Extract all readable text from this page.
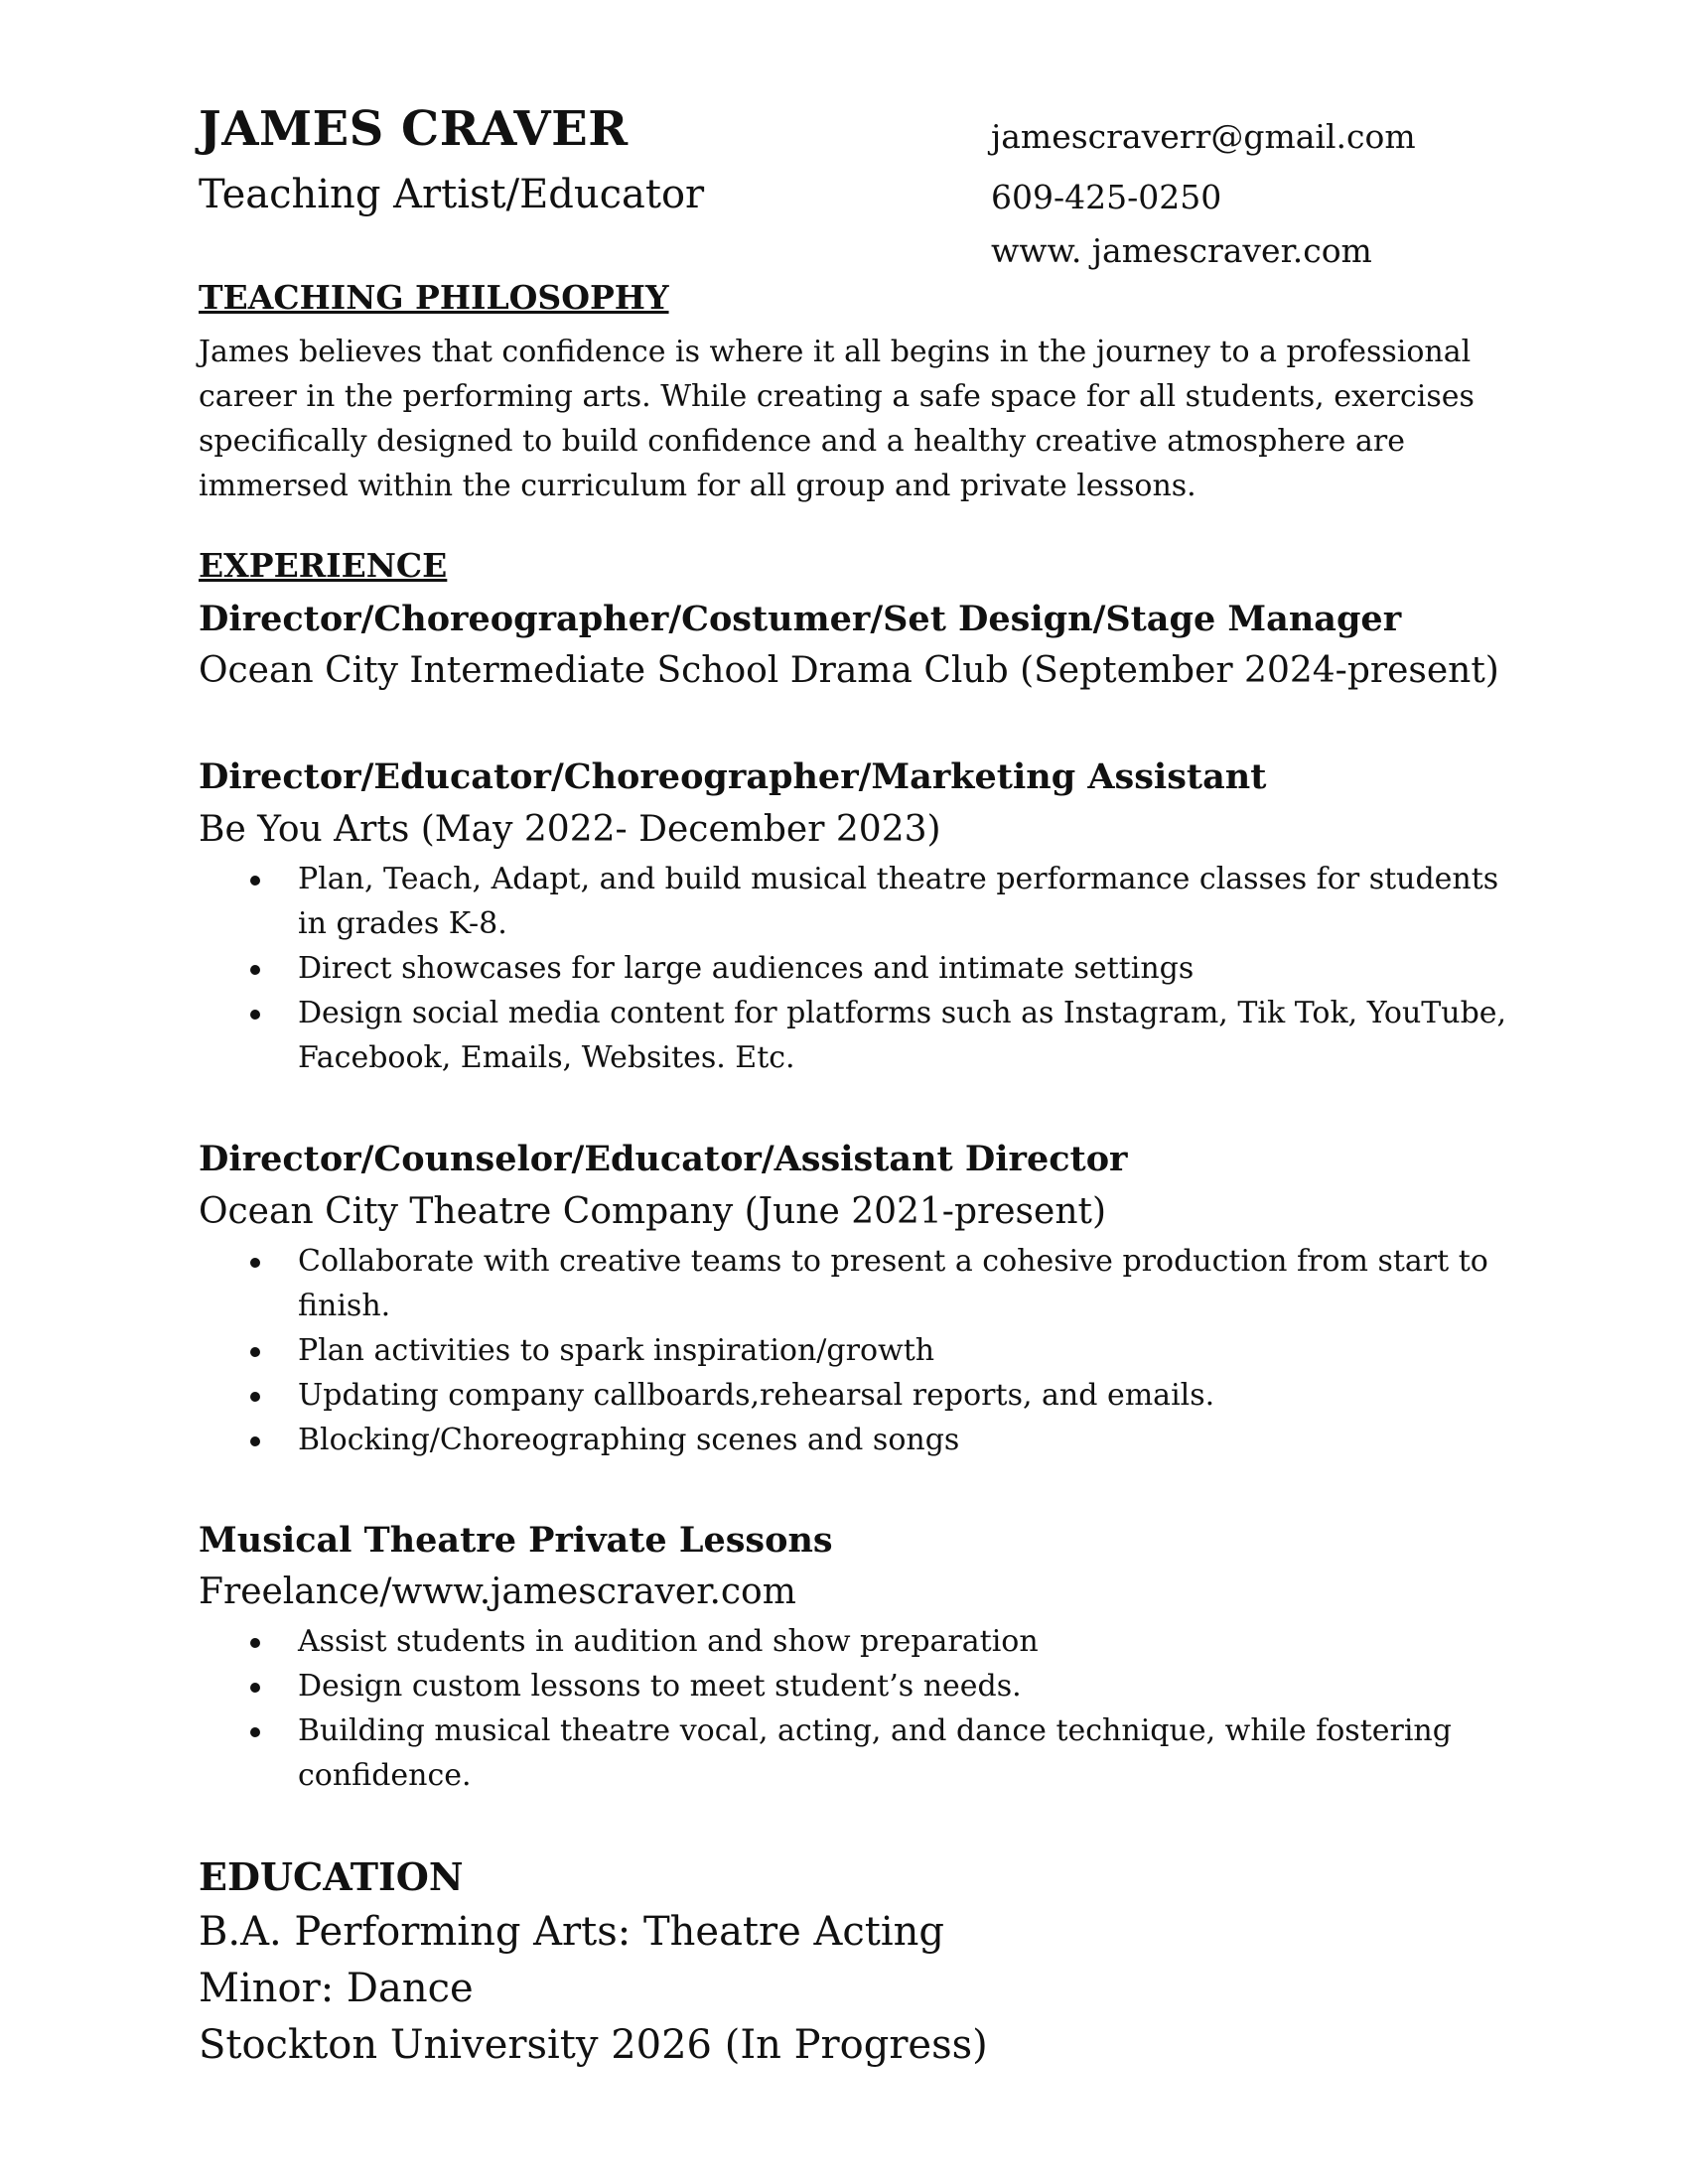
JAMES CRAVER

Teaching Artist/Educator

jamescraverr@gmail.com

609-425-0250

www. jamescraver.com

TEACHING PHILOSOPHY

James believes that confidence is where it all begins in the journey to a professional career in the performing arts. While creating a safe space for all students, exercises specifically designed to build confidence and a healthy creative atmosphere are immersed within the curriculum for all group and private lessons.

EXPERIENCE

Director/Choreographer/Costumer/Set Design/Stage Manager

Ocean City Intermediate School Drama Club (September 2024-present)

Director/Educator/Choreographer/Marketing Assistant

Be You Arts (May 2022- December 2023)

Plan, Teach, Adapt, and build musical theatre performance classes for students in grades K-8.
Direct showcases for large audiences and intimate settings
Design social media content for platforms such as Instagram, Tik Tok, YouTube, Facebook, Emails, Websites. Etc.

Director/Counselor/Educator/Assistant Director

Ocean City Theatre Company (June 2021-present)

Collaborate with creative teams to present a cohesive production from start to finish.
Plan activities to spark inspiration/growth
Updating company callboards,rehearsal reports, and emails.
Blocking/Choreographing scenes and songs

Musical Theatre Private Lessons

Freelance/www.jamescraver.com

Assist students in audition and show preparation
Design custom lessons to meet student’s needs.
Building musical theatre vocal, acting, and dance technique, while fostering confidence.
EDUCATION

B.A. Performing Arts: Theatre Acting

Minor: Dance

Stockton University 2026 (In Progress)
